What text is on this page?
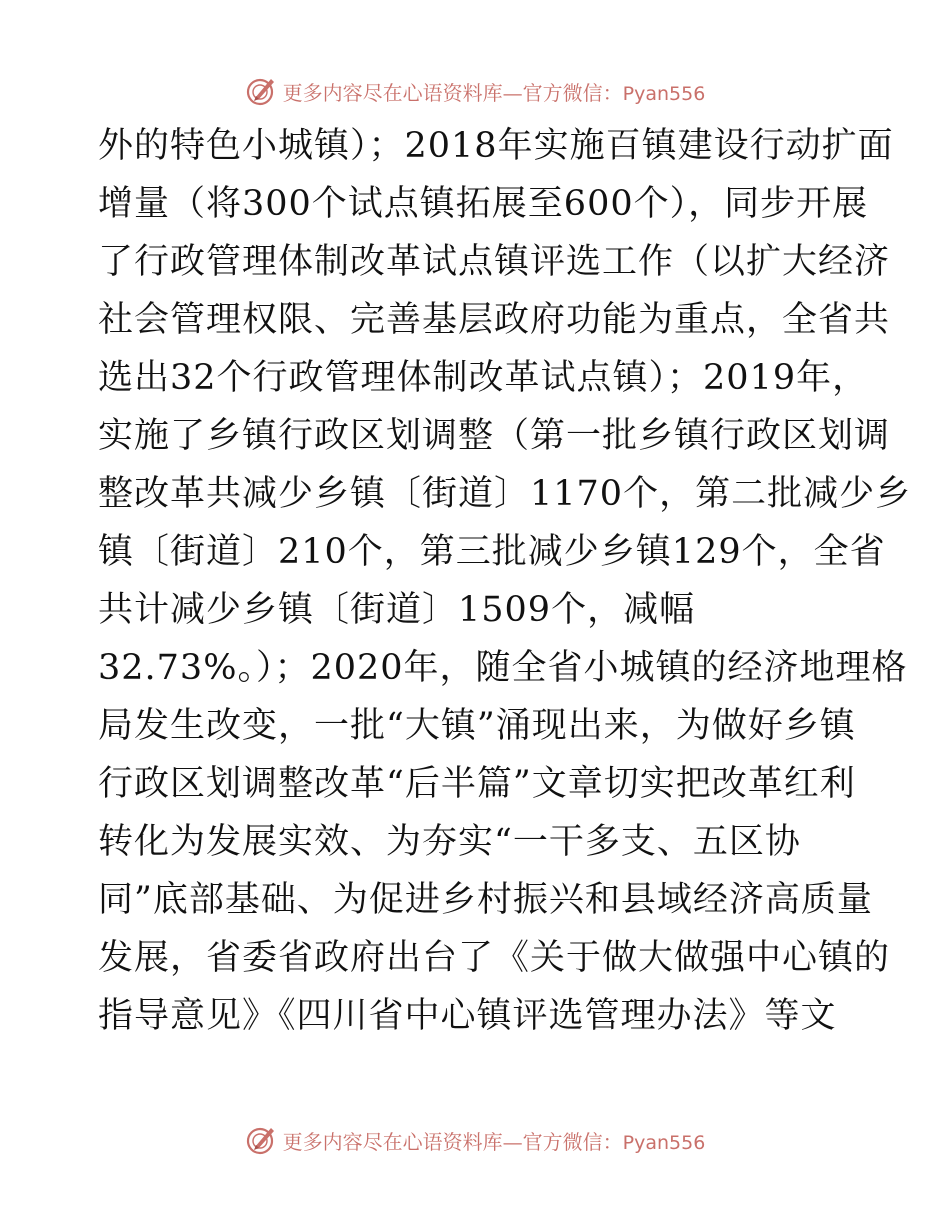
更多内容尽在心语资料库—官方微信：Pyan556
外的特色小城镇）；2018年实施百镇建设行动扩面
增量（将300个试点镇拓展至600个），同步开展
了行政管理体制改革试点镇评选工作（以扩大经济
社会管理权限、完善基层政府功能为重点，全省共
选出32个行政管理体制改革试点镇）；2019年，
实施了乡镇行政区划调整（第一批乡镇行政区划调
整改革共减少乡镇〔街道〕1170个，第二批减少乡
镇〔街道〕210个，第三批减少乡镇129个，全省
共计减少乡镇〔街道〕1509个，减幅
32.73%。）；2020年，随全省小城镇的经济地理格
局发生改变，一批“大镇”涌现出来，为做好乡镇
行政区划调整改革“后半篇”文章切实把改革红利
转化为发展实效、为夯实“一干多支、五区协
同”底部基础、为促进乡村振兴和县域经济高质量
发展，省委省政府出台了《关于做大做强中心镇的
指导意见》《四川省中心镇评选管理办法》等文
更多内容尽在心语资料库—官方微信：Pyan556
